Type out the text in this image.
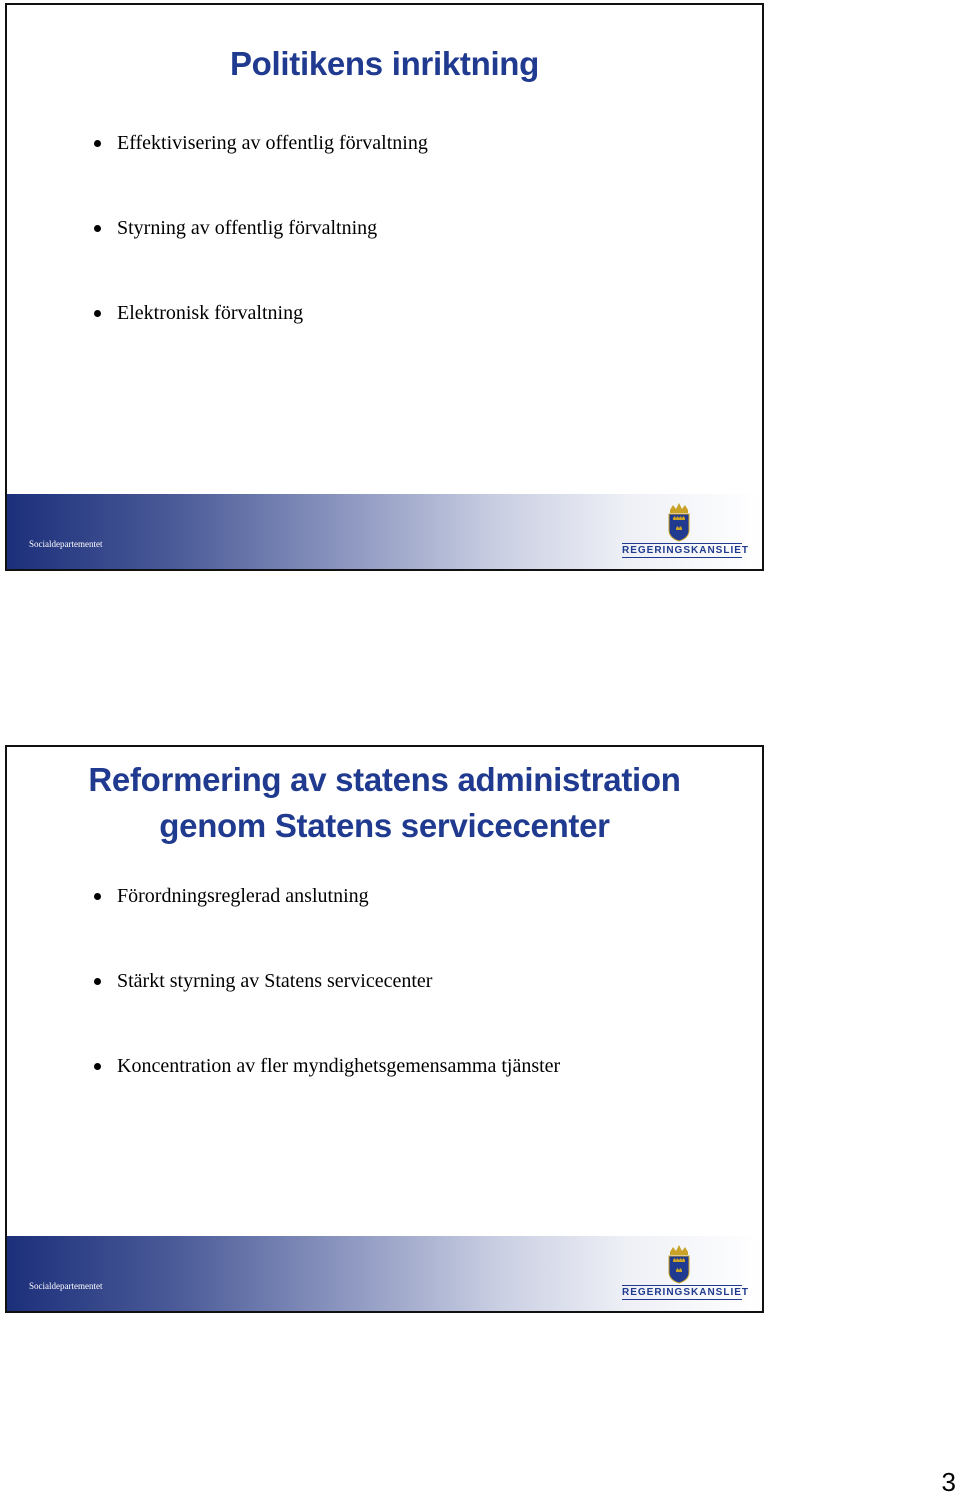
Politikens inriktning
Effektivisering av offentlig förvaltning
Styrning av offentlig förvaltning
Elektronisk förvaltning
Socialdepartementet
REGERINGSKANSLIET
Reformering av statens administration
genom Statens servicecenter
Förordningsreglerad anslutning
Stärkt styrning av Statens servicecenter
Koncentration av fler myndighetsgemensamma tjänster
Socialdepartementet
REGERINGSKANSLIET
3
